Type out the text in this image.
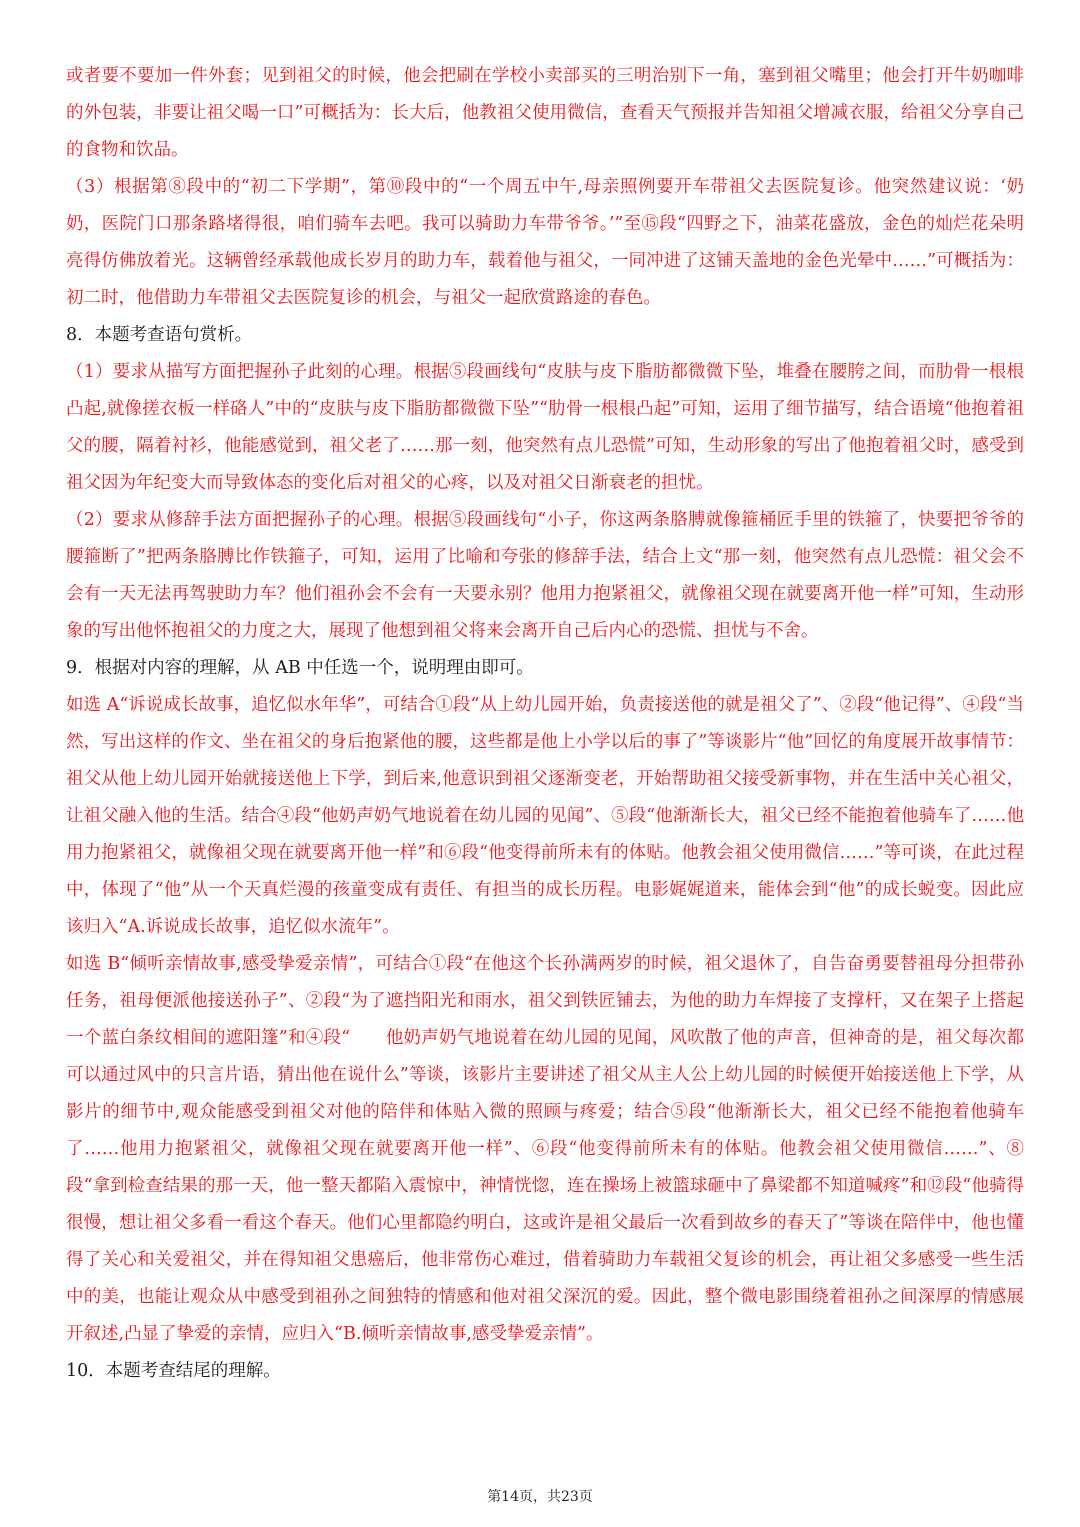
或者要不要加一件外套；见到祖父的时候，他会把刷在学校小卖部买的三明治别下一角，塞到祖父嘴里；他会打开牛奶咖啡的外包装，非要让祖父喝一口”可概括为：长大后，他教祖父使用微信，查看天气预报并告知祖父增减衣服，给祖父分享自己的食物和饮品。

（3）根据第⑧段中的“初二下学期”，第⑩段中的“一个周五中午,母亲照例要开车带祖父去医院复诊。他突然建议说：‘奶奶，医院门口那条路堵得很，咱们骑车去吧。我可以骑助力车带爷爷。’”至⑮段“四野之下，油菜花盛放，金色的灿烂花朵明亮得仿佛放着光。这辆曾经承载他成长岁月的助力车，载着他与祖父，一同冲进了这铺天盖地的金色光晕中……”可概括为：初二时，他借助力车带祖父去医院复诊的机会，与祖父一起欣赏路途的春色。

8．本题考查语句赏析。

（1）要求从描写方面把握孙子此刻的心理。根据⑤段画线句“皮肤与皮下脂肪都微微下坠，堆叠在腰胯之间，而肋骨一根根凸起,就像搓衣板一样硌人”中的“皮肤与皮下脂肪都微微下坠”“肋骨一根根凸起”可知，运用了细节描写，结合语境“他抱着祖父的腰，隔着衬衫，他能感觉到，祖父老了……那一刻，他突然有点儿恐慌”可知，生动形象的写出了他抱着祖父时，感受到祖父因为年纪变大而导致体态的变化后对祖父的心疼，以及对祖父日渐衰老的担忧。

（2）要求从修辞手法方面把握孙子的心理。根据⑤段画线句“小子，你这两条胳膊就像箍桶匠手里的铁箍了，快要把爷爷的腰箍断了”把两条胳膊比作铁箍子，可知，运用了比喻和夸张的修辞手法，结合上文“那一刻，他突然有点儿恐慌：祖父会不会有一天无法再驾驶助力车？他们祖孙会不会有一天要永别？他用力抱紧祖父，就像祖父现在就要离开他一样”可知，生动形象的写出他怀抱祖父的力度之大，展现了他想到祖父将来会离开自己后内心的恐慌、担忧与不舍。

9．根据对内容的理解，从 AB 中任选一个，说明理由即可。

如选 A“诉说成长故事，追忆似水年华”，可结合①段“从上幼儿园开始，负责接送他的就是祖父了”、②段“他记得”、④段“当然，写出这样的作文、坐在祖父的身后抱紧他的腰，这些都是他上小学以后的事了”等谈影片“他”回忆的角度展开故事情节：祖父从他上幼儿园开始就接送他上下学，到后来,他意识到祖父逐渐变老，开始帮助祖父接受新事物，并在生活中关心祖父，让祖父融入他的生活。结合④段“他奶声奶气地说着在幼儿园的见闻”、⑤段“他渐渐长大，祖父已经不能抱着他骑车了……他用力抱紧祖父，就像祖父现在就要离开他一样”和⑥段“他变得前所未有的体贴。他教会祖父使用微信……”等可谈，在此过程中，体现了“他”从一个天真烂漫的孩童变成有责任、有担当的成长历程。电影娓娓道来，能体会到“他”的成长蜕变。因此应该归入“A.诉说成长故事，追忆似水流年”。

如选 B“倾听亲情故事,感受挚爱亲情”，可结合①段“在他这个长孙满两岁的时候，祖父退休了，自告奋勇要替祖母分担带孙任务，祖母便派他接送孙子”、②段“为了遮挡阳光和雨水，祖父到铁匠铺去，为他的助力车焊接了支撑杆，又在架子上搭起一个蓝白条纹相间的遮阳篷”和④段“　　他奶声奶气地说着在幼儿园的见闻，风吹散了他的声音，但神奇的是，祖父每次都可以通过风中的只言片语，猜出他在说什么”等谈，该影片主要讲述了祖父从主人公上幼儿园的时候便开始接送他上下学，从影片的细节中,观众能感受到祖父对他的陪伴和体贴入微的照顾与疼爱；结合⑤段“他渐渐长大，祖父已经不能抱着他骑车了……他用力抱紧祖父，就像祖父现在就要离开他一样”、⑥段“他变得前所未有的体贴。他教会祖父使用微信……”、⑧段“拿到检查结果的那一天，他一整天都陷入震惊中，神情恍惚，连在操场上被篮球砸中了鼻梁都不知道喊疼”和⑫段“他骑得很慢，想让祖父多看一看这个春天。他们心里都隐约明白，这或许是祖父最后一次看到故乡的春天了”等谈在陪伴中，他也懂得了关心和关爱祖父，并在得知祖父患癌后，他非常伤心难过，借着骑助力车载祖父复诊的机会，再让祖父多感受一些生活中的美，也能让观众从中感受到祖孙之间独特的情感和他对祖父深沉的爱。因此，整个微电影围绕着祖孙之间深厚的情感展开叙述,凸显了挚爱的亲情，应归入“B.倾听亲情故事,感受挚爱亲情”。

10．本题考查结尾的理解。

第14页，共23页
